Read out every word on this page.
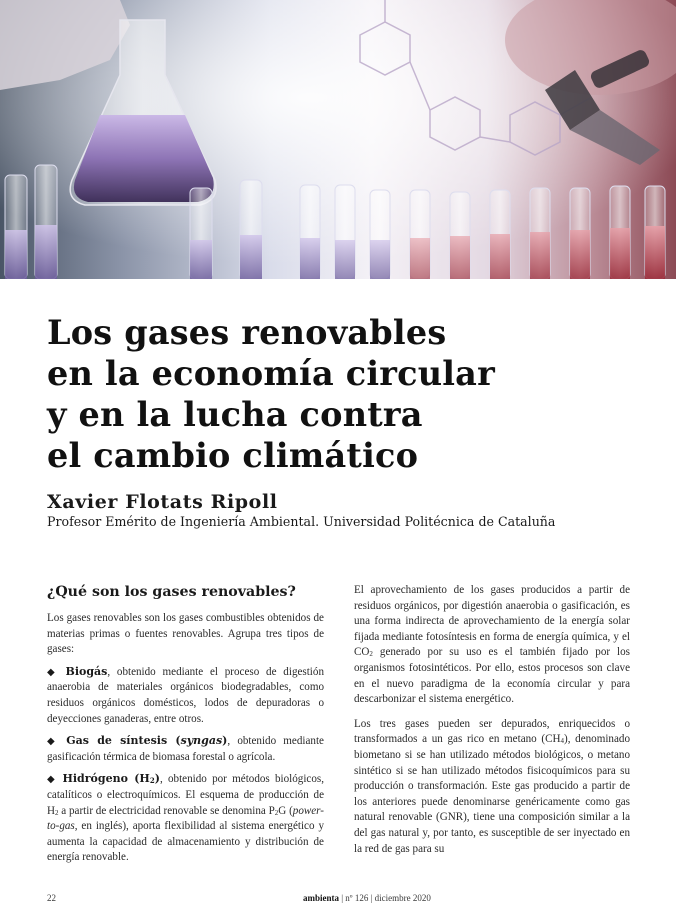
Los gases renovables
en la economía circular
y en la lucha contra
el cambio climático
Xavier Flotats Ripoll
Profesor Emérito de Ingeniería Ambiental. Universidad Politécnica de Cataluña
¿Qué son los gases renovables?

Los gases renovables son los gases combustibles obtenidos de materias primas o fuentes renovables. Agrupa tres tipos de gases:

◆ Biogás, obtenido mediante el proceso de digestión anaerobia de materiales orgánicos biodegradables, como residuos orgánicos domésticos, lodos de depuradoras o deyecciones ganaderas, entre otros.

◆ Gas de síntesis (syngas), obtenido mediante gasificación térmica de biomasa forestal o agrícola.

◆ Hidrógeno $(H_2)$, obtenido por métodos biológicos, catalíticos o electroquímicos. El esquema de producción de $H_2$ a partir de electricidad renovable se denomina $P_2G$ (power-to-gas, en inglés), aporta flexibilidad al sistema energético y aumenta la capacidad de almacenamiento y distribución de energía renovable.

El aprovechamiento de los gases producidos a partir de residuos orgánicos, por digestión anaerobia o gasificación, es una forma indirecta de aprovechamiento de la energía solar fijada mediante fotosíntesis en forma de energía química, y el $CO_2$ generado por su uso es el también fijado por los organismos fotosintéticos. Por ello, estos procesos son clave en el nuevo paradigma de la economía circular y para descarbonizar el sistema energético.

Los tres gases pueden ser depurados, enriquecidos o transformados a un gas rico en metano $(CH_4)$, denominado biometano si se han utilizado métodos biológicos, o metano sintético si se han utilizado métodos fisicoquímicos para su producción o transformación. Este gas producido a partir de los anteriores puede denominarse genéricamente como gas natural renovable (GNR), tiene una composición similar a la del gas natural y, por tanto, es susceptible de ser inyectado en la red de gas para su

22	ambienta | nº 126 | diciembre 2020
